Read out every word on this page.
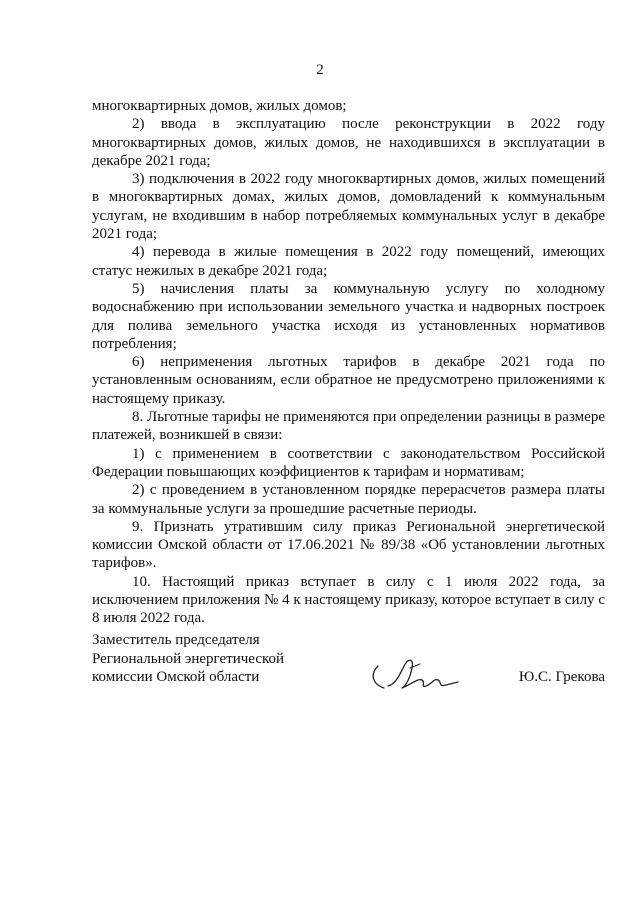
2

многоквартирных домов, жилых домов;

2) ввода в эксплуатацию после реконструкции в 2022 году многоквартирных домов, жилых домов, не находившихся в эксплуатации в декабре 2021 года;

3) подключения в 2022 году многоквартирных домов, жилых помещений в многоквартирных домах, жилых домов, домовладений к коммунальным услугам, не входившим в набор потребляемых коммунальных услуг в декабре 2021 года;

4) перевода в жилые помещения в 2022 году помещений, имеющих статус нежилых в декабре 2021 года;

5) начисления платы за коммунальную услугу по холодному водоснабжению при использовании земельного участка и надворных построек для полива земельного участка исходя из установленных нормативов потребления;

6) неприменения льготных тарифов в декабре 2021 года по установленным основаниям, если обратное не предусмотрено приложениями к настоящему приказу.

8. Льготные тарифы не применяются при определении разницы в размере платежей, возникшей в связи:

1) с применением в соответствии с законодательством Российской Федерации повышающих коэффициентов к тарифам и нормативам;

2) с проведением в установленном порядке перерасчетов размера платы за коммунальные услуги за прошедшие расчетные периоды.

9. Признать утратившим силу приказ Региональной энергетической комиссии Омской области от 17.06.2021 № 89/38 «Об установлении льготных тарифов».

10. Настоящий приказ вступает в силу с 1 июля 2022 года, за исключением приложения № 4 к настоящему приказу, которое вступает в силу с 8 июля 2022 года.

Заместитель председателя
Региональной энергетической
комиссии Омской области	Ю.С. Грекова
